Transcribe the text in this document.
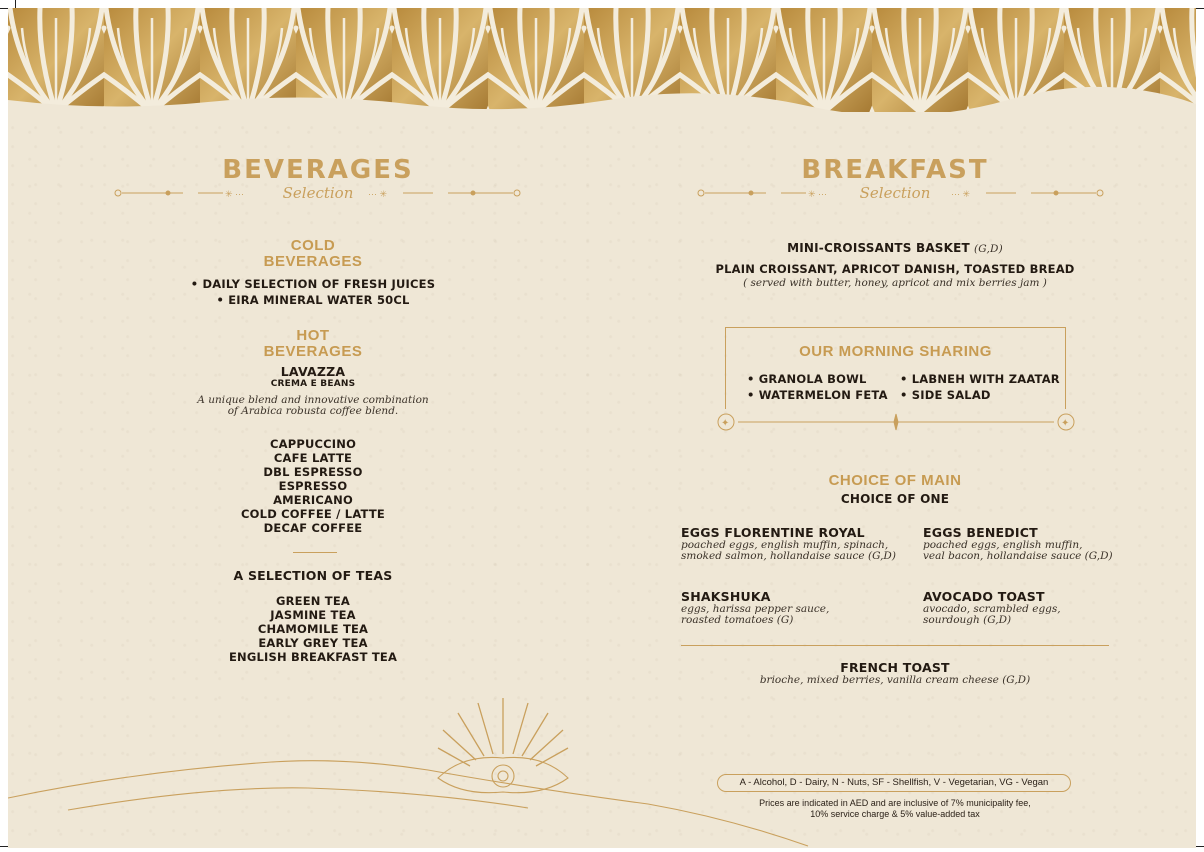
BEVERAGES
Selection
✳ ···	··· ✳
COLD
BEVERAGES
• DAILY SELECTION OF FRESH JUICES
• EIRA MINERAL WATER 50CL
HOT
BEVERAGES
LAVAZZA
CREMA E BEANS
A unique blend and innovative combination
of Arabica robusta coffee blend.
CAPPUCCINO
CAFE LATTE
DBL ESPRESSO
ESPRESSO
AMERICANO
COLD COFFEE / LATTE
DECAF COFFEE
A SELECTION OF TEAS
GREEN TEA
JASMINE TEA
CHAMOMILE TEA
EARLY GREY TEA
ENGLISH BREAKFAST TEA
BREAKFAST
Selection
✳ ···	··· ✳
MINI-CROISSANTS BASKET (G,D)
PLAIN CROISSANT, APRICOT DANISH, TOASTED BREAD
( served with butter, honey, apricot and mix berries jam )
✦	✦
OUR MORNING SHARING
• GRANOLA BOWL	• LABNEH WITH ZAATAR
• WATERMELON FETA	• SIDE SALAD
CHOICE OF MAIN
CHOICE OF ONE
EGGS FLORENTINE ROYAL
poached eggs, english muffin, spinach,
smoked salmon, hollandaise sauce (G,D)
EGGS BENEDICT
poached eggs, english muffin,
veal bacon, hollandaise sauce (G,D)
SHAKSHUKA
eggs, harissa pepper sauce,
roasted tomatoes (G)
AVOCADO TOAST
avocado, scrambled eggs,
sourdough (G,D)
FRENCH TOAST
brioche, mixed berries, vanilla cream cheese (G,D)
A - Alcohol, D - Dairy, N - Nuts, SF - Shellfish, V - Vegetarian, VG - Vegan
Prices are indicated in AED and are inclusive of 7% municipality fee,
10% service charge & 5% value-added tax
